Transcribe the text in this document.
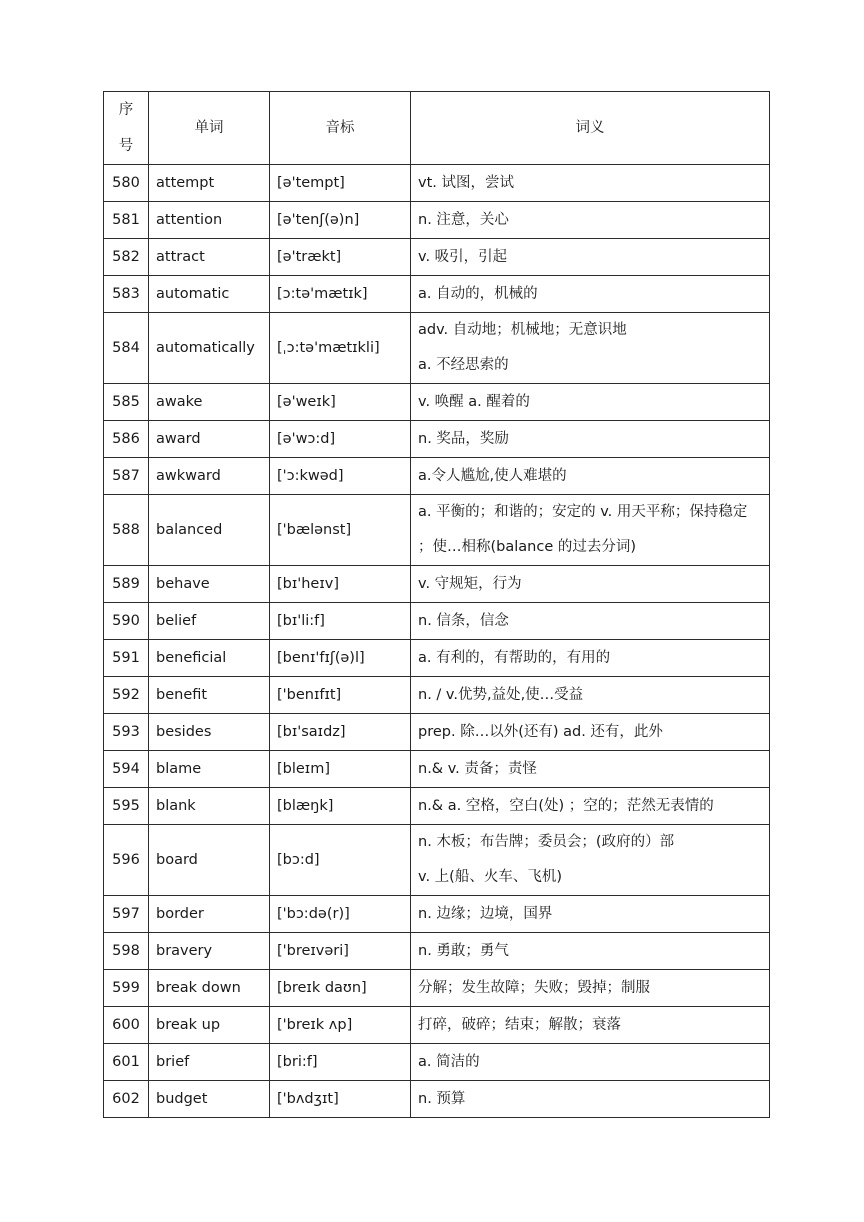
序
号	单词	音标	词义
580	attempt	[ə'tempt]	vt. 试图，尝试
581	attention	[ə'tenʃ(ə)n]	n. 注意，关心
582	attract	[ə'trækt]	v. 吸引，引起
583	automatic	[ɔ:tə'mætɪk]	a. 自动的，机械的
584	automatically	[ˌɔ:tə'mætɪkli]	adv. 自动地；机械地；无意识地
a. 不经思索的

585	awake	[ə'weɪk]	v. 唤醒 a. 醒着的
586	award	[ə'wɔ:d]	n. 奖品，奖励
587	awkward	['ɔ:kwəd]	a.令人尴尬,使人难堪的
588	balanced	['bælənst]	a. 平衡的；和谐的；安定的 v. 用天平称；保持稳定
；使…相称(balance 的过去分词)

589	behave	[bɪ'heɪv]	v. 守规矩，行为
590	belief	[bɪ'li:f]	n. 信条，信念
591	beneficial	[benɪ'fɪʃ(ə)l]	a. 有利的，有帮助的，有用的
592	benefit	['benɪfɪt]	n. / v.优势,益处,使…受益
593	besides	[bɪ'saɪdz]	prep. 除…以外(还有) ad. 还有，此外
594	blame	[bleɪm]	n.& v. 责备；责怪
595	blank	[blæŋk]	n.& a. 空格，空白(处) ；空的；茫然无表情的
596	board	[bɔ:d]	n. 木板；布告牌；委员会；(政府的）部
v. 上(船、火车、飞机)

597	border	['bɔ:də(r)]	n. 边缘；边境，国界
598	bravery	['breɪvəri]	n. 勇敢；勇气
599	break down	[breɪk daʊn]	分解；发生故障；失败；毁掉；制服
600	break up	['breɪk ʌp]	打碎，破碎；结束；解散；衰落
601	brief	[bri:f]	a. 简洁的
602	budget	['bʌdʒɪt]	n. 预算
